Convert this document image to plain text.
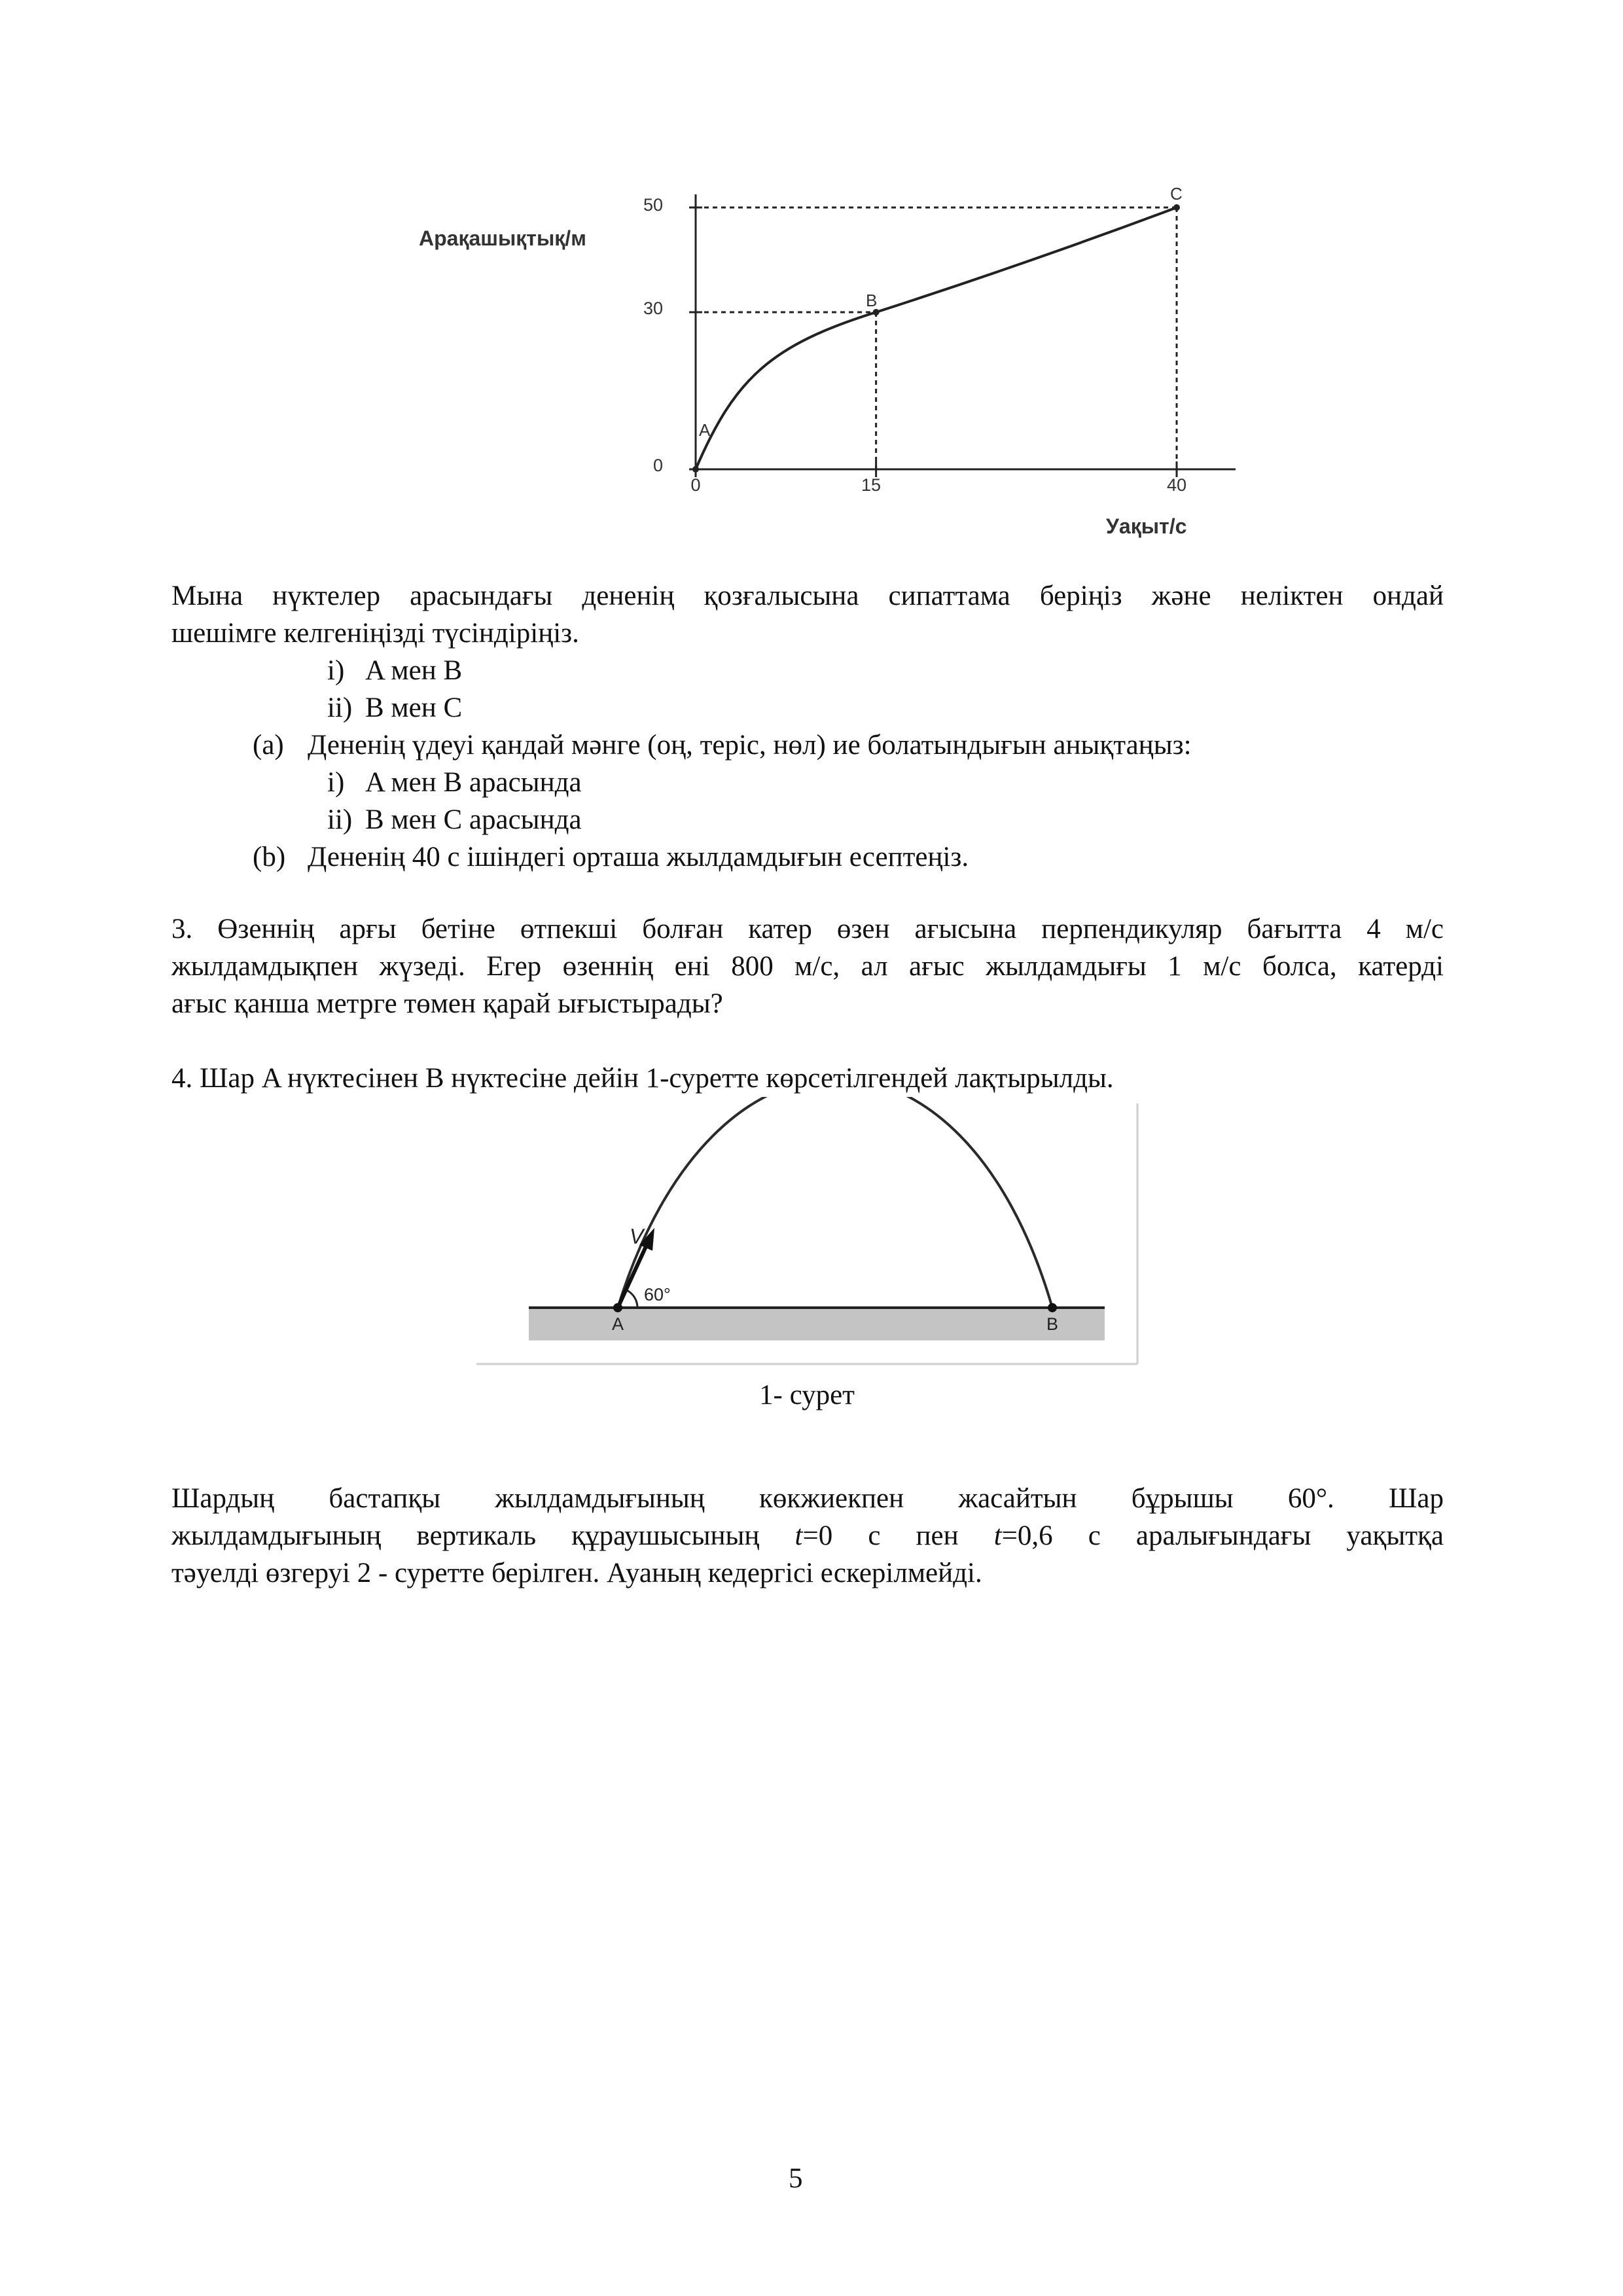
Арақашықтық/м
Уақыт/с
50
30
0
0	15	40
A
B
C
Мына нүктелер арасындағы дененің қозғалысына сипаттама беріңіз және неліктен ондай
шешімге келгеніңізді түсіндіріңіз.
i) A мен B
ii) B мен C
(a) Дененің үдеуі қандай мәнге (оң, теріс, нөл) ие болатындығын анықтаңыз:
i) A мен B арасында
ii) B мен C арасында
(b) Дененің 40 с ішіндегі орташа жылдамдығын есептеңіз.
3. Өзеннің арғы бетіне өтпекші болған катер өзен ағысына перпендикуляр бағытта 4 м/с
жылдамдықпен жүзеді. Егер өзеннің ені 800 м/с, ал ағыс жылдамдығы 1 м/с болса, катерді
ағыс қанша метрге төмен қарай ығыстырады?
4. Шар A нүктесінен B нүктесіне дейін 1-суретте көрсетілгендей лақтырылды.
V
60°
A	B
1- сурет
Шардың бастапқы жылдамдығының көкжиекпен жасайтын бұрышы 60°. Шар
жылдамдығының вертикаль құраушысының t=0 с пен t=0,6 с аралығындағы уақытқа
тәуелді өзгеруі 2 - суретте берілген. Ауаның кедергісі ескерілмейді.
5
